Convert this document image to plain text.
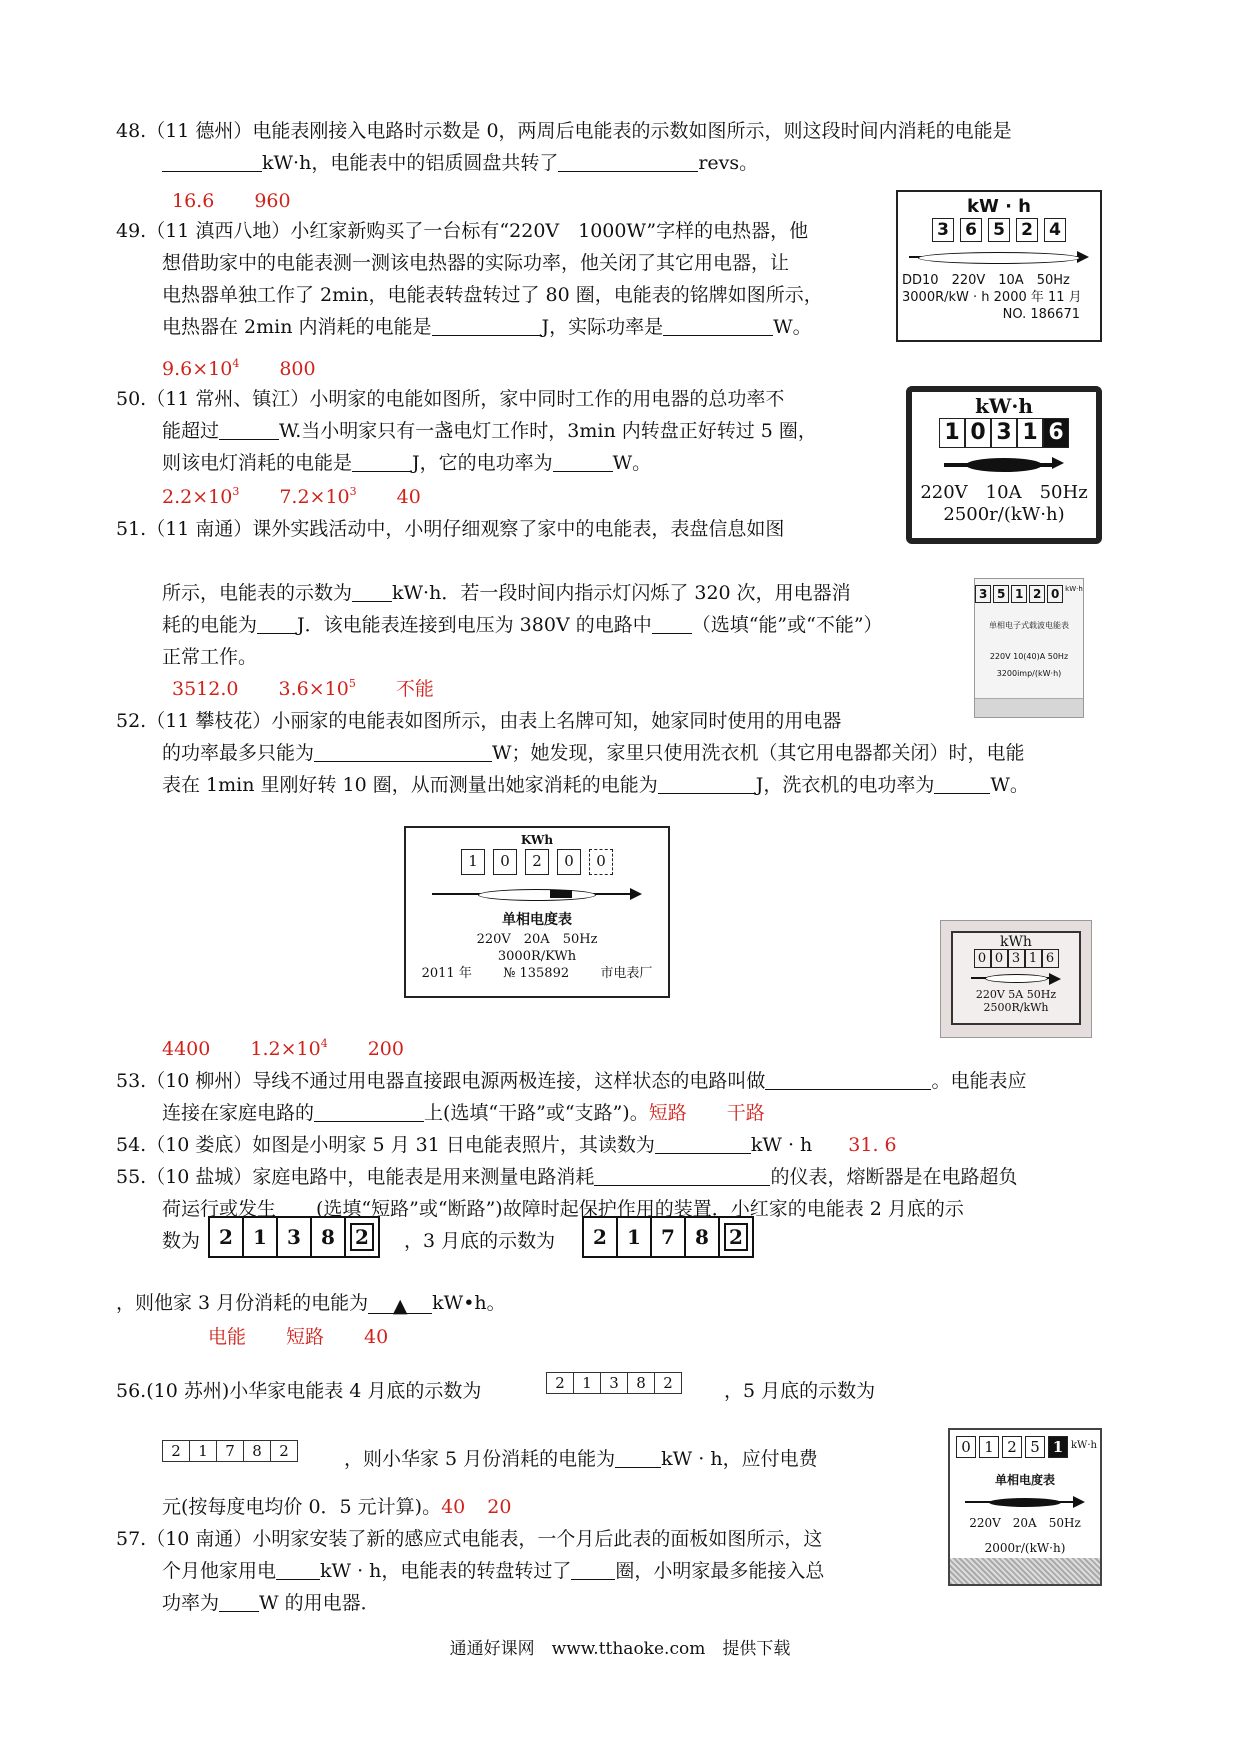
48.（11 德州）电能表刚接入电路时示数是 0，两周后电能表的示数如图所示，则这段时间内消耗的电能是
kW·h，电能表中的铝质圆盘共转了	revs。
16.6 960
49.（11 滇西八地）小红家新购买了一台标有“220V　1000W”字样的电热器，他
想借助家中的电能表测一测该电热器的实际功率，他关闭了其它用电器，让
电热器单独工作了 2min，电能表转盘转过了 80 圈，电能表的铭牌如图所示，
电热器在 2min 内消耗的电能是	J，实际功率是	W。
$9.6\times 10^4$ 800
kW · h
3 6 5 2 4
DD10　220V　10A　50Hz
3000R/kW · h 2000 年 11 月
NO. 186671
50.（11 常州、镇江）小明家的电能如图所，家中同时工作的用电器的总功率不
能超过	W.当小明家只有一盏电灯工作时，3min 内转盘正好转过 5 圈，
则该电灯消耗的电能是	J，它的电功率为	W。
$2.2\times 10^3$ $7.2\times 10^3$ 40
kW·h
1 0 3 1 6
220V　10A　50Hz
2500r/(kW·h)
51.（11 南通）课外实践活动中，小明仔细观察了家中的电能表，表盘信息如图
所示，电能表的示数为 kW·h．若一段时间内指示灯闪烁了 320 次，用电器消
耗的电能为 J．该电能表连接到电压为 380V 的电路中 （选填“能”或“不能”）
正常工作。
3512.0 $3.6\times 10^5$ 不能
3 5 1 2 0 kW·h
单相电子式载波电能表
220V 10(40)A 50Hz
3200imp/(kW·h)
52.（11 攀枝花）小丽家的电能表如图所示，由表上名牌可知，她家同时使用的用电器
的功率最多只能为	W；她发现，家里只使用洗衣机（其它用电器都关闭）时，电能
表在 1min 里刚好转 10 圈，从而测量出她家消耗的电能为	J，洗衣机的电功率为	W。
KWh
1	0	2	0	0
单相电度表
220V　20A　50Hz
3000R/KWh
2011 年 № 135892 市电表厂
kWh
0 0 3 1 6
220V 5A 50Hz
2500R/kWh
4400 $1.2\times 10^4$ 200
53.（10 柳州）导线不通过用电器直接跟电源两极连接，这样状态的电路叫做	。电能表应
连接在家庭电路的	上(选填“干路”或“支路”)。短路 干路
54.（10 娄底）如图是小明家 5 月 31 日电能表照片，其读数为	kW · h 31. 6
55.（10 盐城）家庭电路中，电能表是用来测量电路消耗	的仪表，熔断器是在电路超负
荷运行或发生 (选填“短路”或“断路”)故障时起保护作用的装置．小红家的电能表 2 月底的示
数为 2	1	3	8	2	，3 月底的示数为	2	1	7	8	2
，则他家 3 月份消耗的电能为 ▲ kW•h。
电能 短路 40
56.(10 苏州)小华家电能表 4 月底的示数为	2	1	3	8	2	，5 月底的示数为
2	1	7	8	2	，则小华家 5 月份消耗的电能为 kW · h，应付电费
元(按每度电均价 0．5 元计算)。40 20
0 1 2 5 1 kW·h
单相电度表
220V　20A　50Hz
2000r/(kW·h)
57.（10 南通）小明家安装了新的感应式电能表，一个月后此表的面板如图所示，这
个月他家用电 kW · h，电能表的转盘转过了 圈，小明家最多能接入总
功率为 W 的用电器．
通通好课网　www.tthaoke.com　提供下载
